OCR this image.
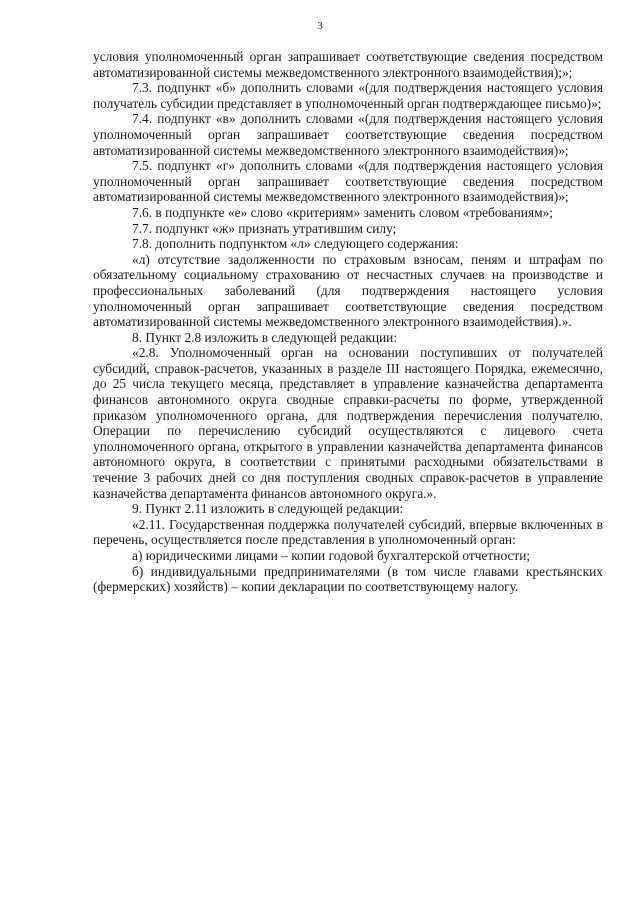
3

условия уполномоченный орган запрашивает соответствующие сведения посредством автоматизированной системы межведомственного электронного взаимодействия);»;

7.3. подпункт «б» дополнить словами «(для подтверждения настоящего условия получатель субсидии представляет в уполномоченный орган подтверждающее письмо)»;

7.4. подпункт «в» дополнить словами «(для подтверждения настоящего условия уполномоченный орган запрашивает соответствующие сведения посредством автоматизированной системы межведомственного электронного взаимодействия)»;

7.5. подпункт «г» дополнить словами «(для подтверждения настоящего условия уполномоченный орган запрашивает соответствующие сведения посредством автоматизированной системы межведомственного электронного взаимодействия)»;

7.6. в подпункте «е» слово «критериям» заменить словом «требованиям»;

7.7. подпункт «ж» признать утратившим силу;

7.8. дополнить подпунктом «л» следующего содержания:

«л) отсутствие задолженности по страховым взносам, пеням и штрафам по обязательному социальному страхованию от несчастных случаев на производстве и профессиональных заболеваний (для подтверждения настоящего условия уполномоченный орган запрашивает соответствующие сведения посредством автоматизированной системы межведомственного электронного взаимодействия).».

8. Пункт 2.8 изложить в следующей редакции:

«2.8. Уполномоченный орган на основании поступивших от получателей субсидий, справок-расчетов, указанных в разделе III настоящего Порядка, ежемесячно, до 25 числа текущего месяца, представляет в управление казначейства департамента финансов автономного округа сводные справки-расчеты по форме, утвержденной приказом уполномоченного органа, для подтверждения перечисления получателю. Операции по перечислению субсидий осуществляются с лицевого счета уполномоченного органа, открытого в управлении казначейства департамента финансов автономного округа, в соответствии с принятыми расходными обязательствами в течение 3 рабочих дней со дня поступления сводных справок-расчетов в управление казначейства департамента финансов автономного округа.».

9. Пункт 2.11 изложить в следующей редакции:

«2.11. Государственная поддержка получателей субсидий, впервые включенных в перечень, осуществляется после представления в уполномоченный орган:

а) юридическими лицами – копии годовой бухгалтерской отчетности;

б) индивидуальными предпринимателями (в том числе главами крестьянских (фермерских) хозяйств) – копии декларации по соответствующему налогу.
